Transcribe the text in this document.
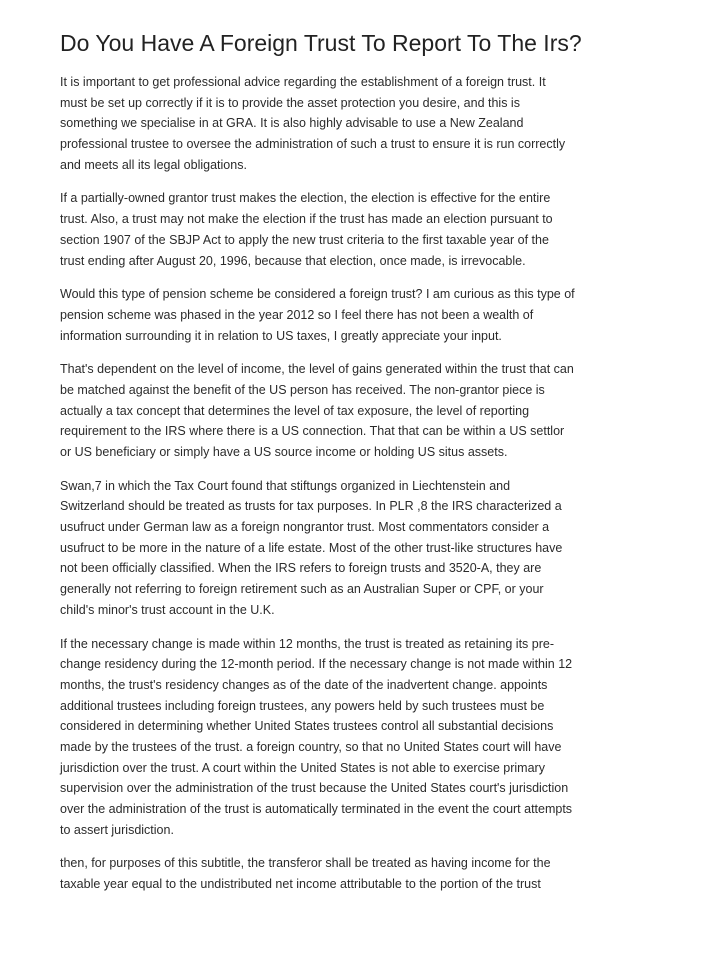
Do You Have A Foreign Trust To Report To The Irs?

It is important to get professional advice regarding the establishment of a foreign trust. It
must be set up correctly if it is to provide the asset protection you desire, and this is
something we specialise in at GRA. It is also highly advisable to use a New Zealand
professional trustee to oversee the administration of such a trust to ensure it is run correctly
and meets all its legal obligations.

If a partially-owned grantor trust makes the election, the election is effective for the entire
trust. Also, a trust may not make the election if the trust has made an election pursuant to
section 1907 of the SBJP Act to apply the new trust criteria to the first taxable year of the
trust ending after August 20, 1996, because that election, once made, is irrevocable.

Would this type of pension scheme be considered a foreign trust? I am curious as this type of
pension scheme was phased in the year 2012 so I feel there has not been a wealth of
information surrounding it in relation to US taxes, I greatly appreciate your input.

That's dependent on the level of income, the level of gains generated within the trust that can
be matched against the benefit of the US person has received. The non-grantor piece is
actually a tax concept that determines the level of tax exposure, the level of reporting
requirement to the IRS where there is a US connection. That that can be within a US settlor
or US beneficiary or simply have a US source income or holding US situs assets.

Swan,7 in which the Tax Court found that stiftungs organized in Liechtenstein and
Switzerland should be treated as trusts for tax purposes. In PLR ,8 the IRS characterized a
usufruct under German law as a foreign nongrantor trust. Most commentators consider a
usufruct to be more in the nature of a life estate. Most of the other trust-like structures have
not been officially classified. When the IRS refers to foreign trusts and 3520-A, they are
generally not referring to foreign retirement such as an Australian Super or CPF, or your
child's minor's trust account in the U.K.

If the necessary change is made within 12 months, the trust is treated as retaining its pre-
change residency during the 12-month period. If the necessary change is not made within 12
months, the trust's residency changes as of the date of the inadvertent change. appoints
additional trustees including foreign trustees, any powers held by such trustees must be
considered in determining whether United States trustees control all substantial decisions
made by the trustees of the trust. a foreign country, so that no United States court will have
jurisdiction over the trust. A court within the United States is not able to exercise primary
supervision over the administration of the trust because the United States court's jurisdiction
over the administration of the trust is automatically terminated in the event the court attempts
to assert jurisdiction.

then, for purposes of this subtitle, the transferor shall be treated as having income for the
taxable year equal to the undistributed net income attributable to the portion of the trust
